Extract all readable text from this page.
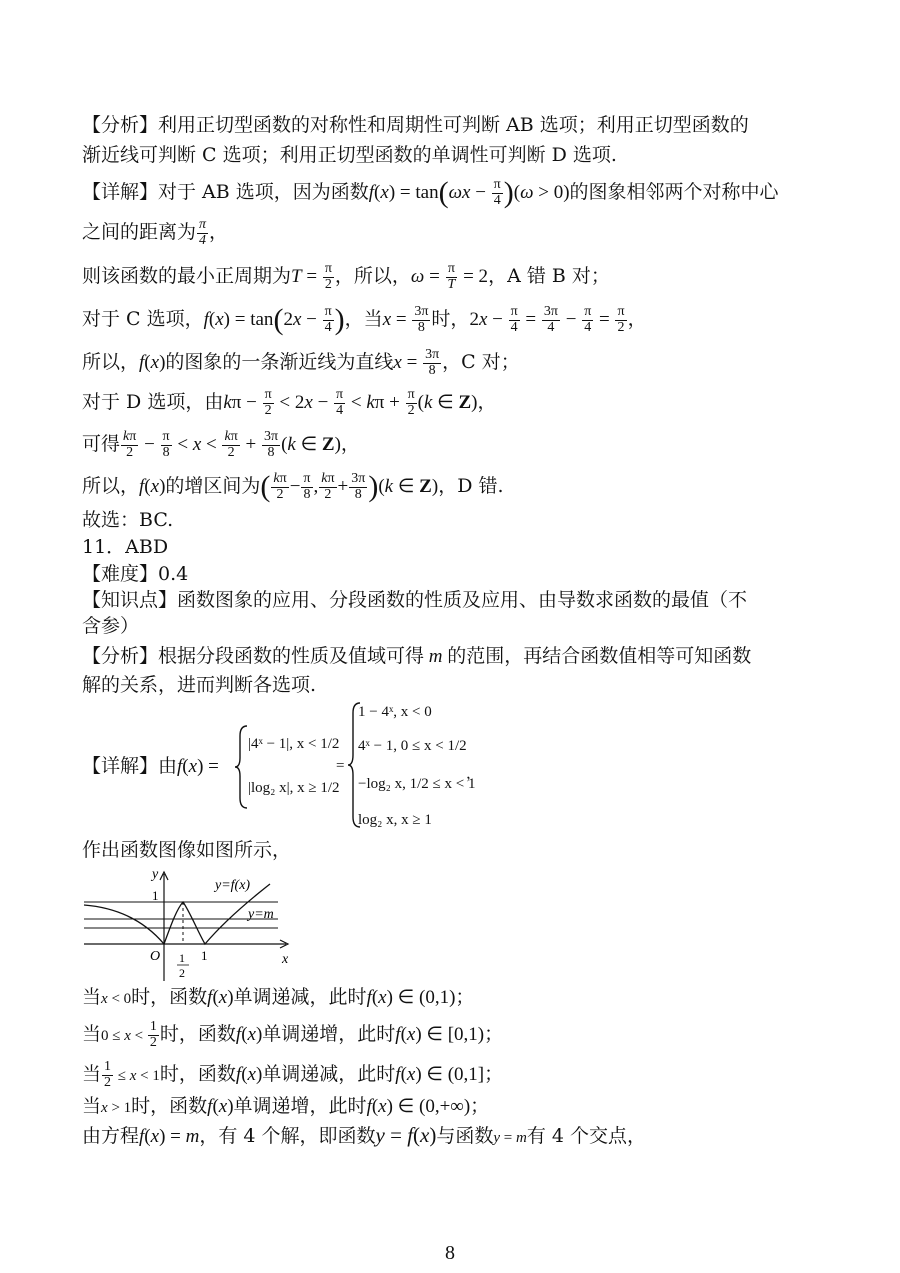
【分析】利用正切型函数的对称性和周期性可判断 AB 选项；利用正切型函数的
渐近线可判断 C 选项；利用正切型函数的单调性可判断 D 选项.
【详解】对于 AB 选项，因为函数$f(x) = \tan(\omega x - \frac{\pi}{4} )(\omega > 0)$的图象相邻两个对称中心
之间的距离为 $\frac{\pi}{4}$ ，
则该函数的最小正周期为$T = \frac{\pi}{2}$ ，所以，$\omega = \frac{\pi}{T} = 2$，A 错 B 对；
对于 C 选项，$f(x) = \tan(2x - \frac{\pi}{4}$ )，当$x = \frac{3\pi}{8}$ 时，$2x - \frac{\pi}{4} = \frac{3\pi}{4} - \frac{\pi}{4} = \frac{\pi}{2}$ ，
所以，f(x)的图象的一条渐近线为直线$x = \frac{3\pi}{8}$ ，C 对；
对于 D 选项，由$k\pi - \frac{\pi}{2} < 2x - \frac{\pi}{4} < k\pi + \frac{\pi}{2} (k$ ∈ Z)，
可得 $\frac{k\pi}{2} - \frac{\pi}{8} < x < \frac{k\pi}{2} + \frac{3\pi}{8} (k$ ∈ Z)，
所以，f(x)的增区间为( $\frac{k\pi}{2} - \frac{\pi}{8}$ , $\frac{k\pi}{2} + \frac{3\pi}{8} )(k$ ∈ Z)，D 错.
故选：BC.
11．ABD
【难度】0.4
【知识点】函数图象的应用、分段函数的性质及应用、由导数求函数的最值（不
含参）
【分析】根据分段函数的性质及值域可得 m 的范围，再结合函数值相等可知函数
解的关系，进而判断各选项.
【详解】由f(x) =
|4ˣ − 1|, x < 1/2
|log₂ x|, x ≥ 1/2
=
1 − 4ˣ, x < 0
4ˣ − 1, 0 ≤ x < 1/2
−log₂ x, 1/2 ≤ x < 1
log₂ x, x ≥ 1
，
作出函数图像如图所示，
y
x
O
1
1
2
1
y=f(x)
y=m
当x < 0时，函数f(x)单调递减，此时f(x) ∈ (0,1)；
当$0 \le x < \frac{1}{2}$ 时，函数f(x)单调递增，此时f(x) ∈ [0,1)；
当 $\frac{1}{2} \le x < 1$时，函数f(x)单调递减，此时f(x) ∈ (0,1]；
当x > 1时，函数f(x)单调递增，此时f(x) ∈ (0,+∞)；
由方程f(x) = m，有 4 个解，即函数y = f(x)与函数y = m有 4 个交点，
8
